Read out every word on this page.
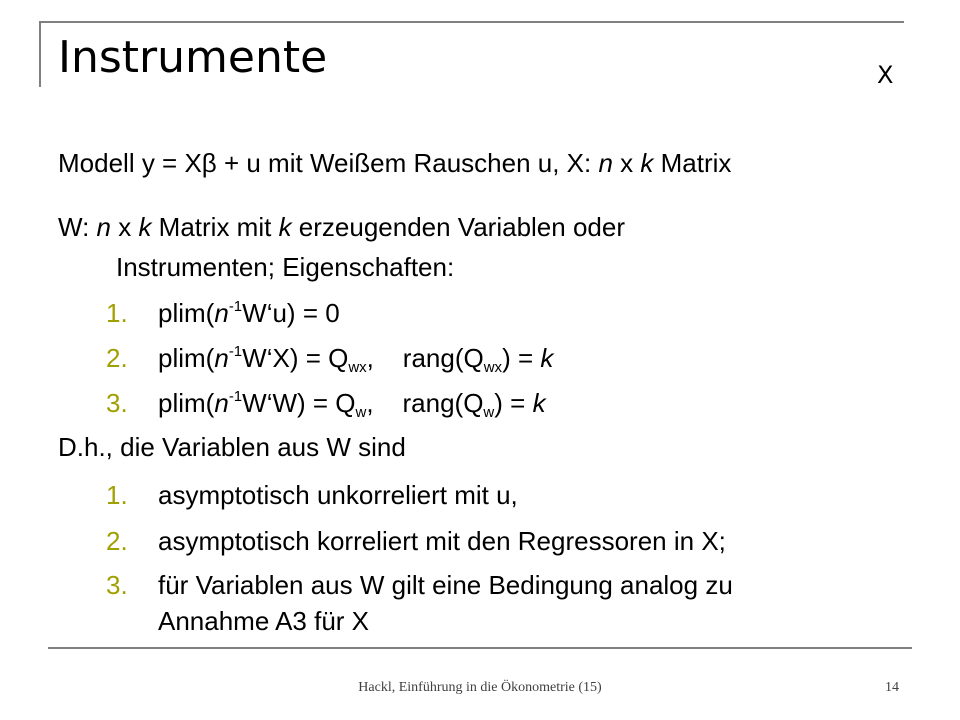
Instrumente	X
Modell y = Xβ + u mit Weißem Rauschen u, X: n x k Matrix
W: n x k Matrix mit k erzeugenden Variablen oder
Instrumenten; Eigenschaften:
1. $plim(n^{-1}W‘u) = 0$
2. $plim(n^{-1}W‘X) = Q_{wx}$,    $rang(Q_{wx}) = k$
3. $plim(n^{-1}W‘W) = Q_w$,    $rang(Q_w) = k$
D.h., die Variablen aus W sind
1. asymptotisch unkorreliert mit u,
2. asymptotisch korreliert mit den Regressoren in X;
3. für Variablen aus W gilt eine Bedingung analog zu
Annahme A3 für X
Hackl, Einführung in die Ökonometrie (15)	14
